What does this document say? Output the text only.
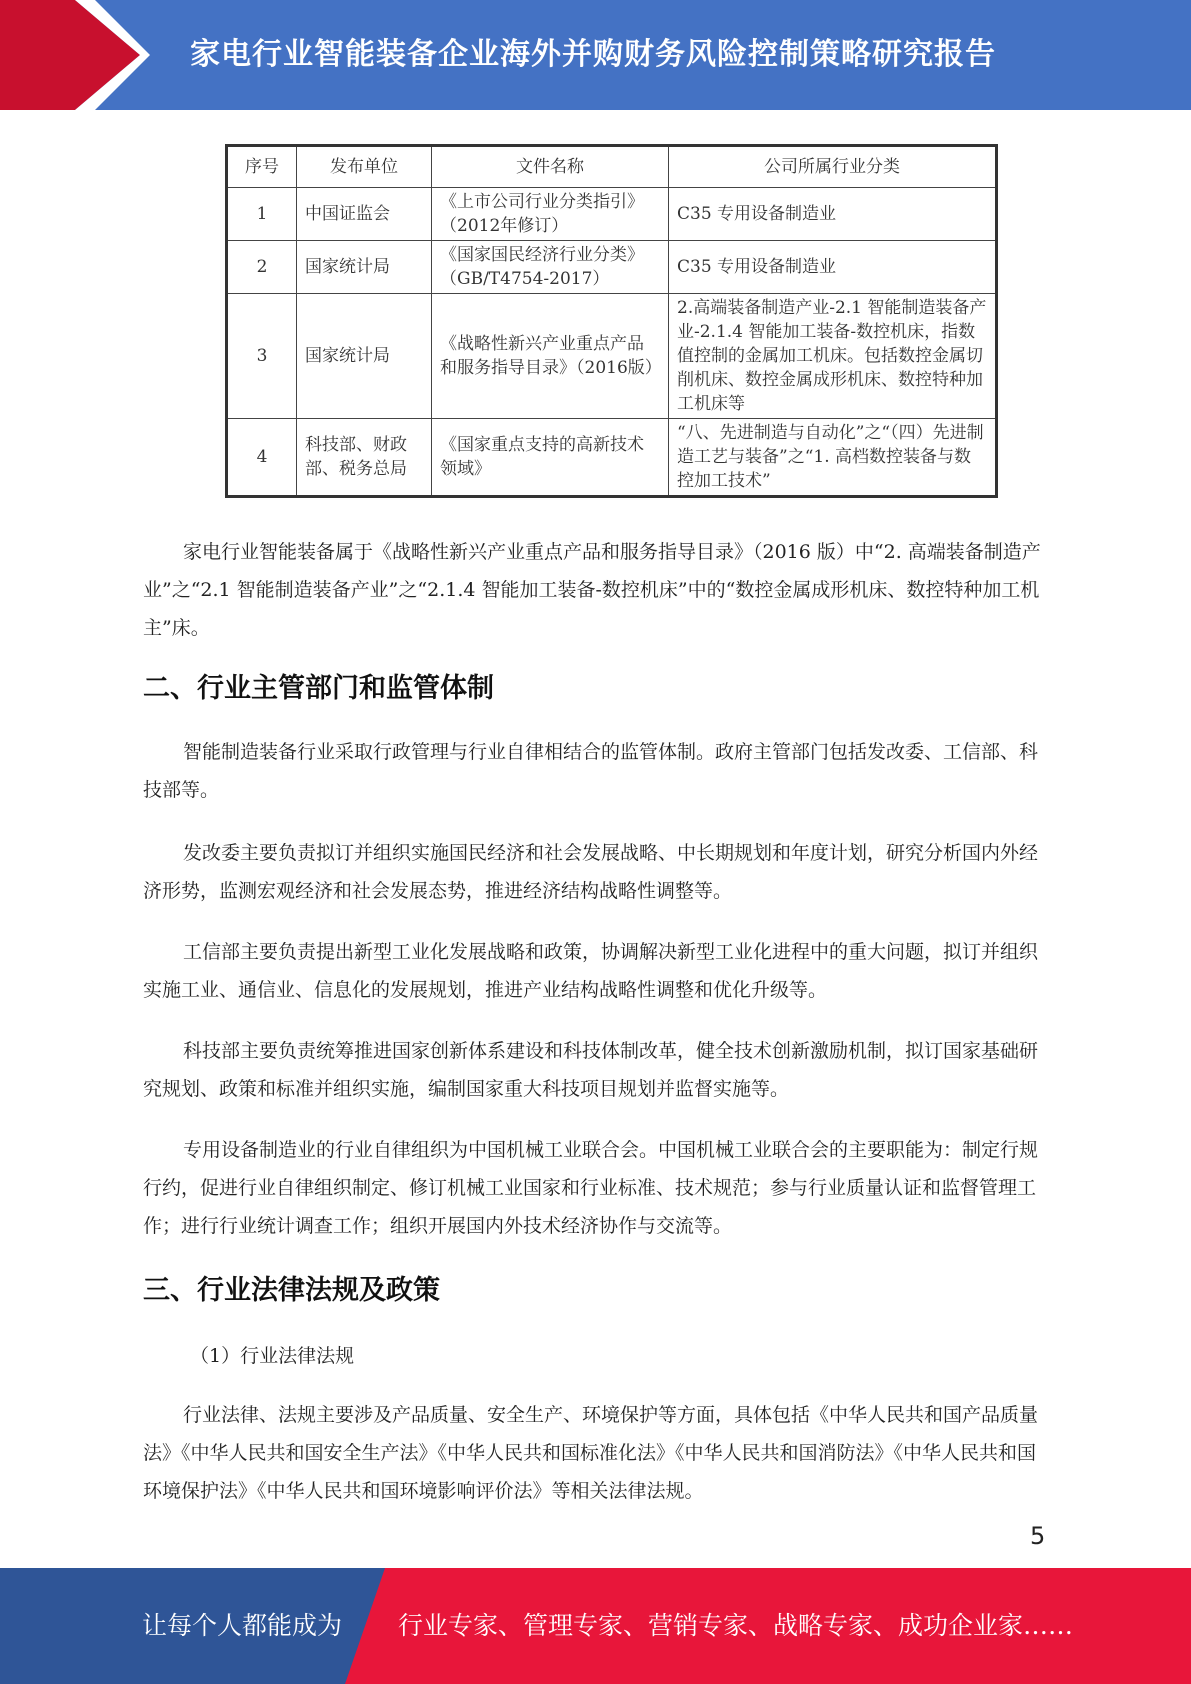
家电行业智能装备企业海外并购财务风险控制策略研究报告
序号	发布单位	文件名称	公司所属行业分类
1	中国证监会	《上市公司行业分类指引》（2012年修订）	C35 专用设备制造业
2	国家统计局	《国家国民经济行业分类》（GB/T4754-2017）	C35 专用设备制造业
3	国家统计局	《战略性新兴产业重点产品和服务指导目录》（2016版）	2.高端装备制造产业-2.1 智能制造装备产业-2.1.4 智能加工装备-数控机床，指数值控制的金属加工机床。包括数控金属切削机床、数控金属成形机床、数控特种加工机床等
4	科技部、财政部、税务总局	《国家重点支持的高新技术领域》	“八、先进制造与自动化”之“（四）先进制造工艺与装备”之“1. 高档数控装备与数控加工技术”

家电行业智能装备属于《战略性新兴产业重点产品和服务指导目录》（2016 版）中“2. 高端装备制造产业”之“2.1 智能制造装备产业”之“2.1.4 智能加工装备-数控机床”中的“数控金属成形机床、数控特种加工机主”床。

二、行业主管部门和监管体制

智能制造装备行业采取行政管理与行业自律相结合的监管体制。政府主管部门包括发改委、工信部、科技部等。

发改委主要负责拟订并组织实施国民经济和社会发展战略、中长期规划和年度计划，研究分析国内外经济形势，监测宏观经济和社会发展态势，推进经济结构战略性调整等。

工信部主要负责提出新型工业化发展战略和政策，协调解决新型工业化进程中的重大问题，拟订并组织实施工业、通信业、信息化的发展规划，推进产业结构战略性调整和优化升级等。

科技部主要负责统筹推进国家创新体系建设和科技体制改革，健全技术创新激励机制，拟订国家基础研究规划、政策和标准并组织实施，编制国家重大科技项目规划并监督实施等。

专用设备制造业的行业自律组织为中国机械工业联合会。中国机械工业联合会的主要职能为：制定行规行约，促进行业自律组织制定、修订机械工业国家和行业标准、技术规范；参与行业质量认证和监督管理工作；进行行业统计调查工作；组织开展国内外技术经济协作与交流等。

三、行业法律法规及政策

（1）行业法律法规

行业法律、法规主要涉及产品质量、安全生产、环境保护等方面，具体包括《中华人民共和国产品质量法》《中华人民共和国安全生产法》《中华人民共和国标准化法》《中华人民共和国消防法》《中华人民共和国环境保护法》《中华人民共和国环境影响评价法》等相关法律法规。

5
让每个人都能成为 行业专家、管理专家、营销专家、战略专家、成功企业家……
